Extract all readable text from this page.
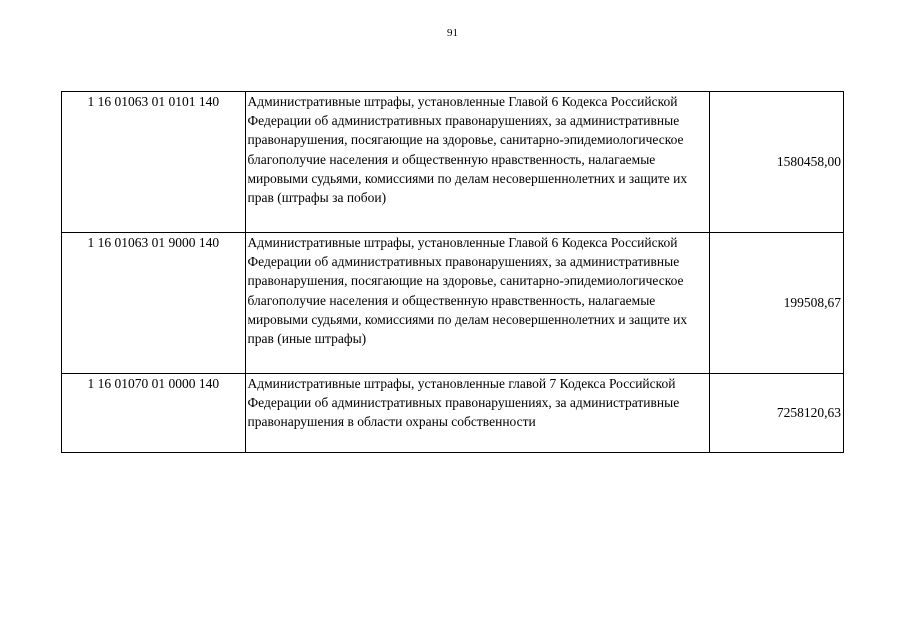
91
1 16 01063 01 0101 140	Административные штрафы, установленные Главой 6 Кодекса Российской Федерации об административных правонарушениях, за административные правонарушения, посягающие на здоровье, санитарно-эпидемиологическое благополучие населения и общественную нравственность, налагаемые мировыми судьями, комиссиями по делам несовершеннолетних и защите их прав (штрафы за побои)	1580458,00
1 16 01063 01 9000 140	Административные штрафы, установленные Главой 6 Кодекса Российской Федерации об административных правонарушениях, за административные правонарушения, посягающие на здоровье, санитарно-эпидемиологическое благополучие населения и общественную нравственность, налагаемые мировыми судьями, комиссиями по делам несовершеннолетних и защите их прав (иные штрафы)	199508,67
1 16 01070 01 0000 140	Административные штрафы, установленные главой 7 Кодекса Российской Федерации об административных правонарушениях, за административные правонарушения в области охраны собственности	7258120,63
